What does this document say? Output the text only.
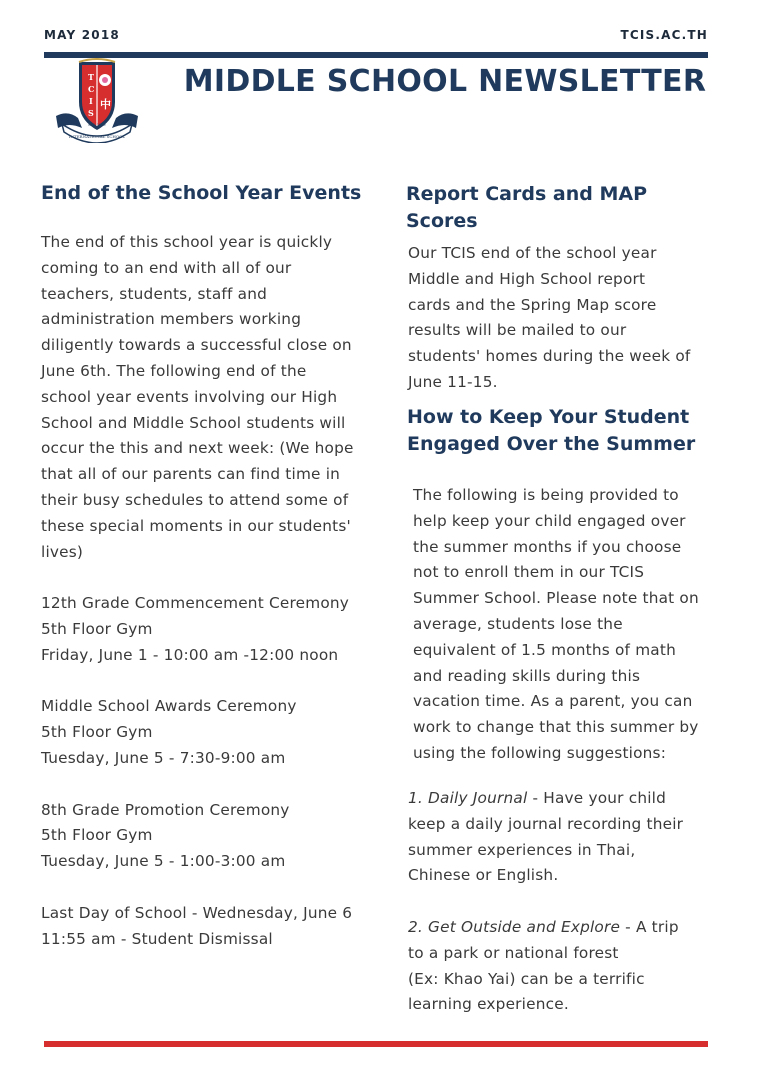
MAY 2018	TCIS.AC.TH
T
C
I
S
中
EST. 1999
INTERNATIONAL SCHOOL
MIDDLE SCHOOL NEWSLETTER
End of the School Year Events

The end of this school year is quickly

coming to an end with all of our

teachers, students, staff and

administration members working

diligently towards a successful close on

June 6th. The following end of the

school year events involving our High

School and Middle School students will

occur the this and next week: (We hope

that all of our parents can find time in

their busy schedules to attend some of

these special moments in our students'

lives)

12th Grade Commencement Ceremony

5th Floor Gym

Friday, June 1 - 10:00 am -12:00 noon

Middle School Awards Ceremony

5th Floor Gym

Tuesday, June 5 - 7:30-9:00 am

8th Grade Promotion Ceremony

5th Floor Gym

Tuesday, June 5 - 1:00-3:00 am

Last Day of School - Wednesday, June 6

11:55 am - Student Dismissal

Report Cards and MAP
Scores

Our TCIS end of the school year

Middle and High School report

cards and the Spring Map score

results will be mailed to our

students' homes during the week of

June 11-15.

How to Keep Your Student
Engaged Over the Summer

The following is being provided to

help keep your child engaged over

the summer months if you choose

not to enroll them in our TCIS

Summer School. Please note that on

average, students lose the

equivalent of 1.5 months of math

and reading skills during this

vacation time. As a parent, you can

work to change that this summer by

using the following suggestions:

1. Daily Journal - Have your child

keep a daily journal recording their

summer experiences in Thai,

Chinese or English.

2. Get Outside and Explore - A trip

to a park or national forest

(Ex: Khao Yai) can be a terrific

learning experience.
